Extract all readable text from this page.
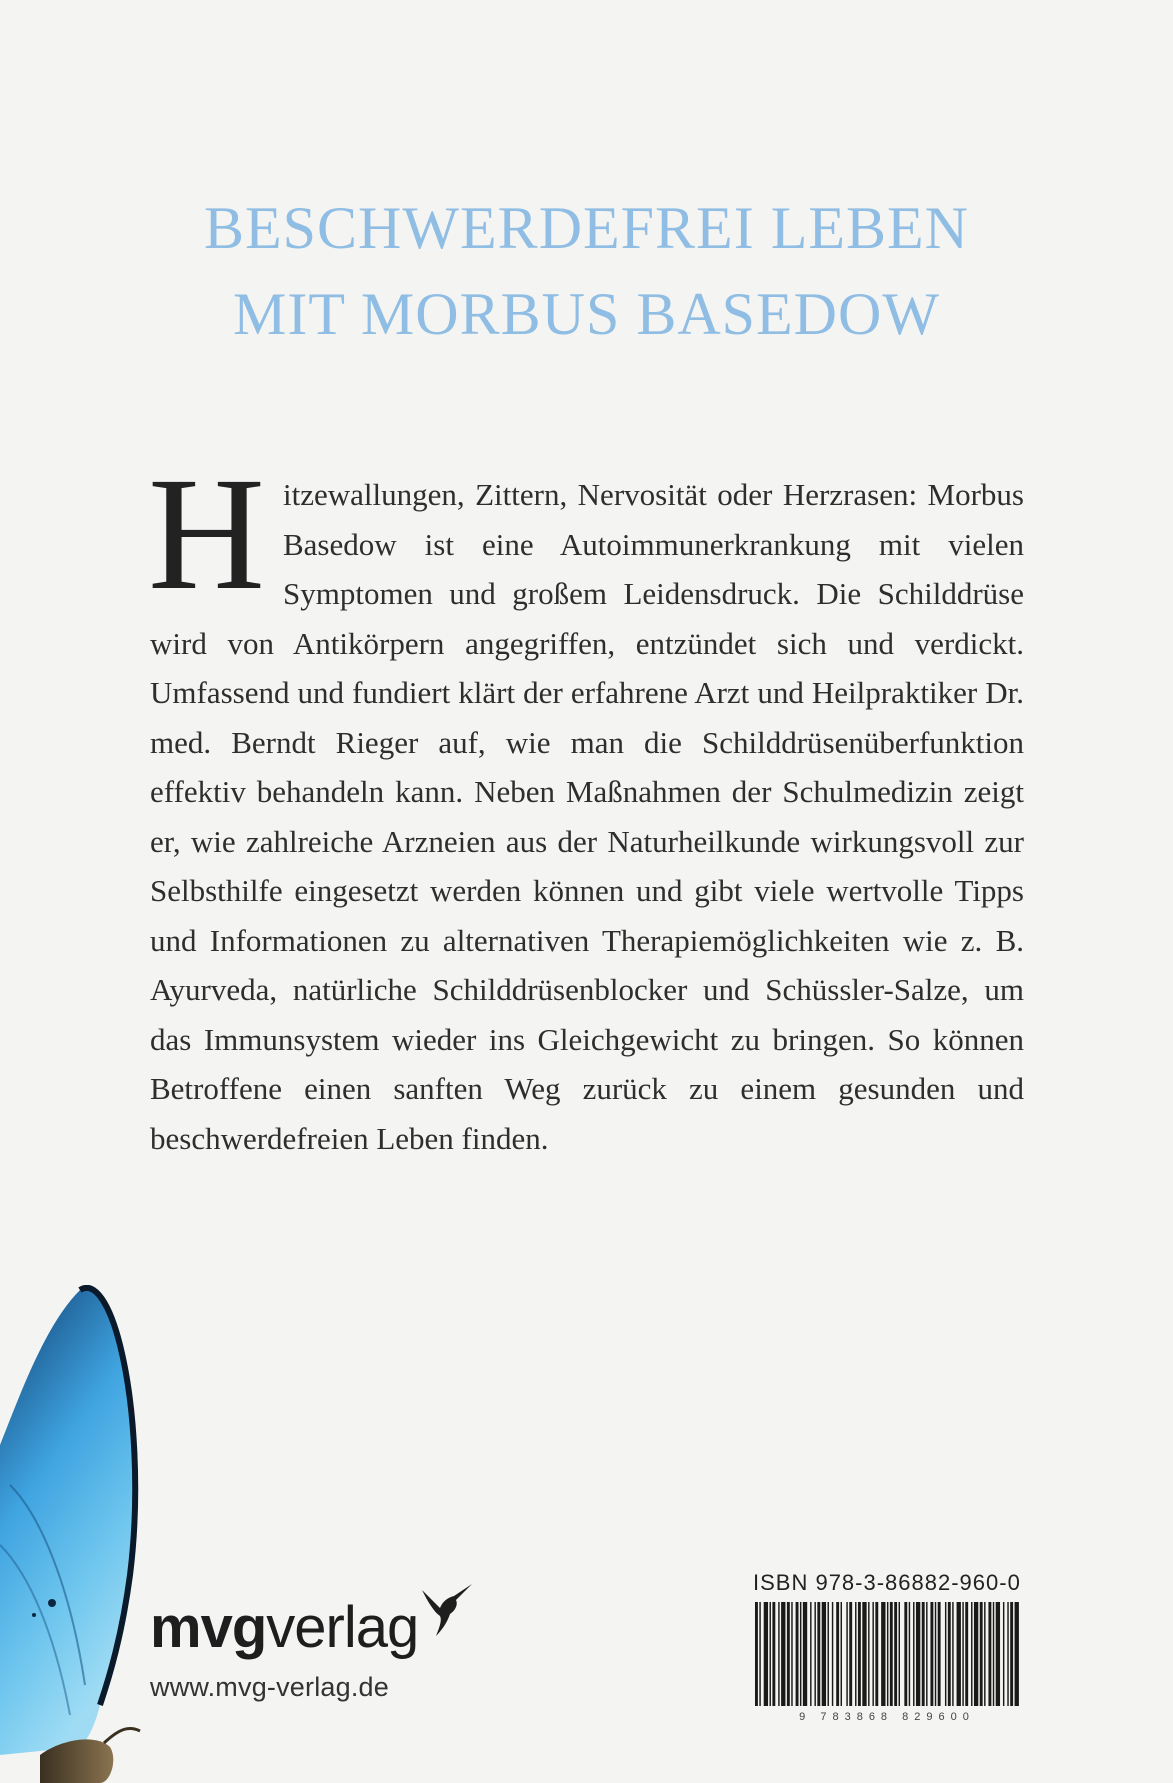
BESCHWERDEFREI LEBEN
MIT MORBUS BASEDOW

Hitzewallungen, Zittern, Nervosität oder Herzrasen: Morbus Basedow ist eine Autoimmunerkrankung mit vielen Symptomen und großem Leidensdruck. Die Schilddrüse wird von Antikörpern angegriffen, entzündet sich und verdickt. Umfassend und fundiert klärt der erfahrene Arzt und Heilpraktiker Dr. med. Berndt Rieger auf, wie man die Schilddrüsenüberfunktion effektiv behandeln kann. Neben Maßnahmen der Schulmedizin zeigt er, wie zahlreiche Arzneien aus der Naturheilkunde wirkungsvoll zur Selbsthilfe eingesetzt werden können und gibt viele wertvolle Tipps und Informationen zu alternativen Therapiemöglichkeiten wie z. B. Ayurveda, natürliche Schilddrüsenblocker und Schüssler-Salze, um das Immunsystem wieder ins Gleichgewicht zu bringen. So können Betroffene einen sanften Weg zurück zu einem gesunden und beschwerdefreien Leben finden.

mvgverlag
www.mvg-verlag.de

ISBN 978-3-86882-960-0

9 783868 829600
